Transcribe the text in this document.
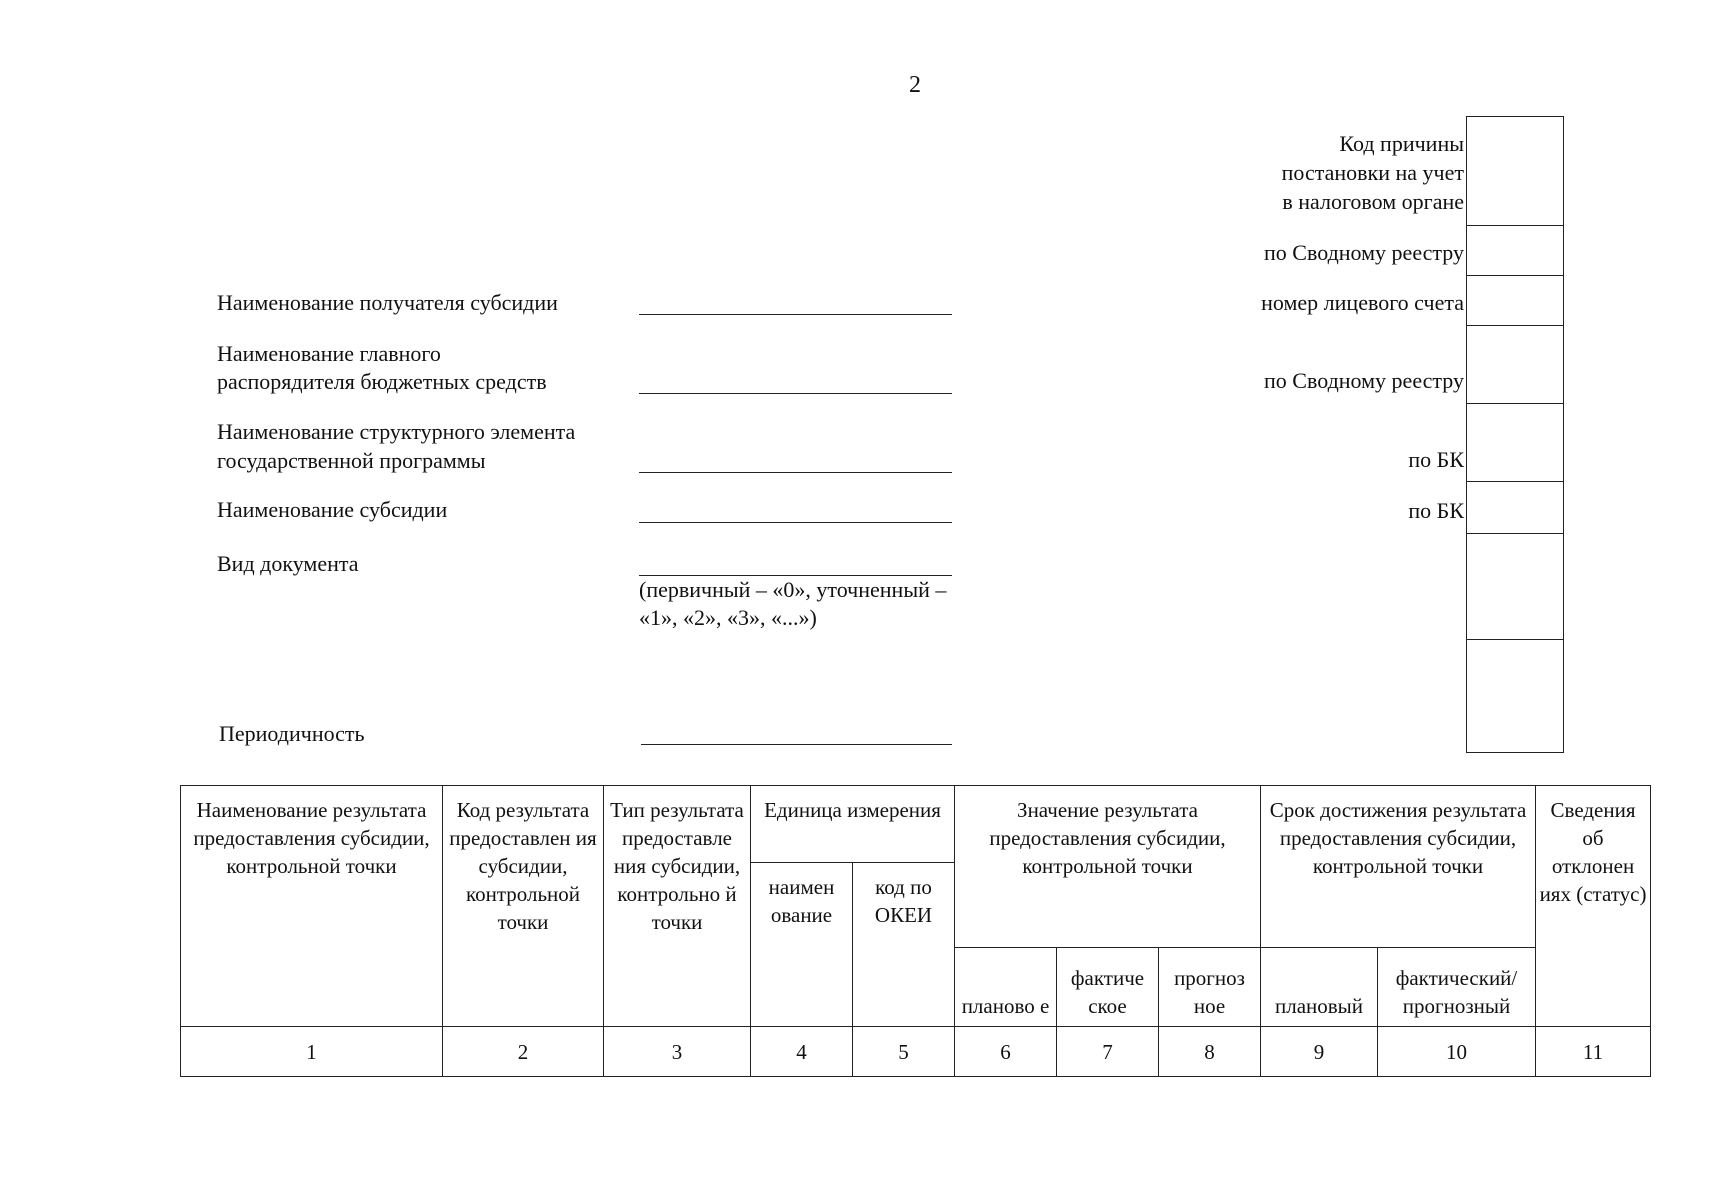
2
Наименование получателя субсидии
Наименование главного
распорядителя бюджетных средств
Наименование структурного элемента
государственной программы
Наименование субсидии
Вид документа
(первичный – «0», уточненный –
«1», «2», «3», «...»)
Периодичность
Код причины
постановки на учет
в налоговом органе
по Сводному реестру
номер лицевого счета
по Сводному реестру
по БК
по БК
Наименование результата предоставления субсидии, контрольной точки	Код результата предоставлен ия субсидии, контрольной точки	Тип результата предоставле ния субсидии, контрольно й точки	Единица измерения		Значение результата предоставления субсидии, контрольной точки			Срок достижения результата предоставления субсидии, контрольной точки		Сведения об отклонен иях (статус)
			наимен ование	код по ОКЕИ						
					планово е	фактиче ское	прогноз ное	плановый	фактический/ прогнозный	
1	2	3	4	5	6	7	8	9	10	11
